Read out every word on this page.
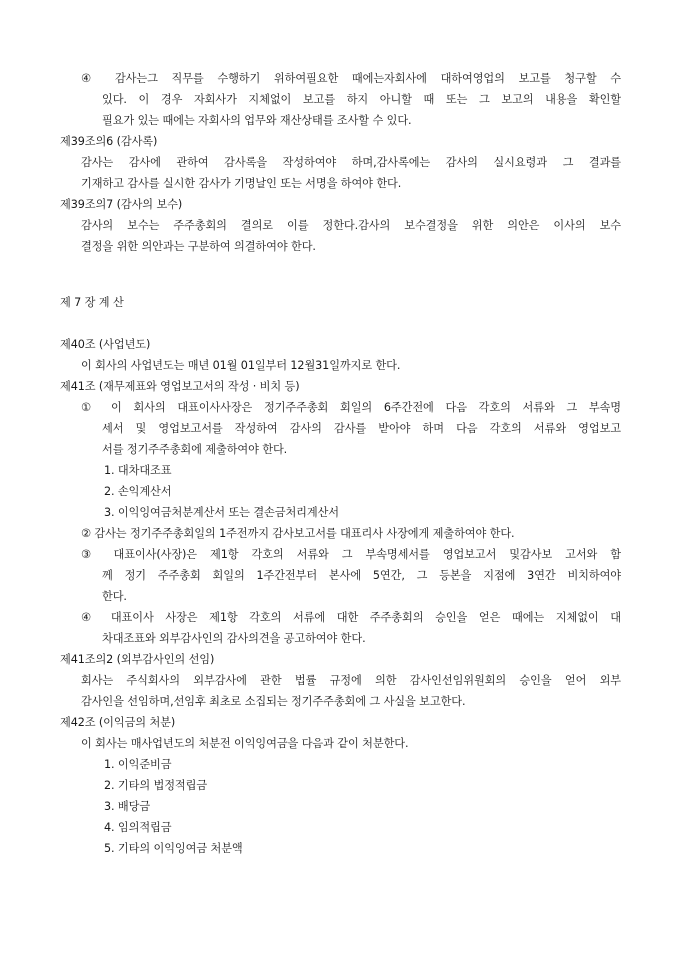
④ 감사는그 직무를 수행하기 위하여필요한 때에는자회사에 대하여영업의 보고를 청구할 수
있다. 이 경우 자회사가 지체없이 보고를 하지 아니할 때 또는 그 보고의 내용을 확인할
필요가 있는 때에는 자회사의 업무와 재산상태를 조사할 수 있다.
제39조의6 (감사록)
감사는 감사에 관하여 감사록을 작성하여야 하며,감사록에는 감사의 실시요령과 그 결과를
기재하고 감사를 실시한 감사가 기명날인 또는 서명을 하여야 한다.
제39조의7 (감사의 보수)
감사의 보수는 주주총회의 결의로 이를 정한다.감사의 보수결정을 위한 의안은 이사의 보수
결정을 위한 의안과는 구분하여 의결하여야 한다.
제 7 장 계 산
제40조 (사업년도)
이 회사의 사업년도는 매년 01월 01일부터 12월31일까지로 한다.
제41조 (재무제표와 영업보고서의 작성 · 비치 등)
① 이 회사의 대표이사사장은 정기주주총회 회일의 6주간전에 다음 각호의 서류와 그 부속명
세서 및 영업보고서를 작성하여 감사의 감사를 받아야 하며 다음 각호의 서류와 영업보고
서를 정기주주총회에 제출하여야 한다.
1. 대차대조표
2. 손익계산서
3. 이익잉여금처분계산서 또는 결손금처리계산서
② 감사는 정기주주총회일의 1주전까지 감사보고서를 대표리사 사장에게 제출하여야 한다.
③ 대표이사(사장)은 제1항 각호의 서류와 그 부속명세서를 영업보고서 및감사보 고서와 함
께 정기 주주총회 회일의 1주간전부터 본사에 5연간, 그 등본을 지점에 3연간 비치하여야
한다.
④ 대표이사 사장은 제1항 각호의 서류에 대한 주주총회의 승인을 얻은 때에는 지체없이 대
차대조표와 외부감사인의 감사의견을 공고하여야 한다.
제41조의2 (외부감사인의 선임)
회사는 주식회사의 외부감사에 관한 법률 규정에 의한 감사인선임위원회의 승인을 얻어 외부
감사인을 선임하며,선임후 최초로 소집되는 정기주주총회에 그 사실을 보고한다.
제42조 (이익금의 처분)
이 회사는 매사업년도의 처분전 이익잉여금을 다음과 같이 처분한다.
1. 이익준비금
2. 기타의 법정적립금
3. 배당금
4. 임의적립금
5. 기타의 이익잉여금 처분액
